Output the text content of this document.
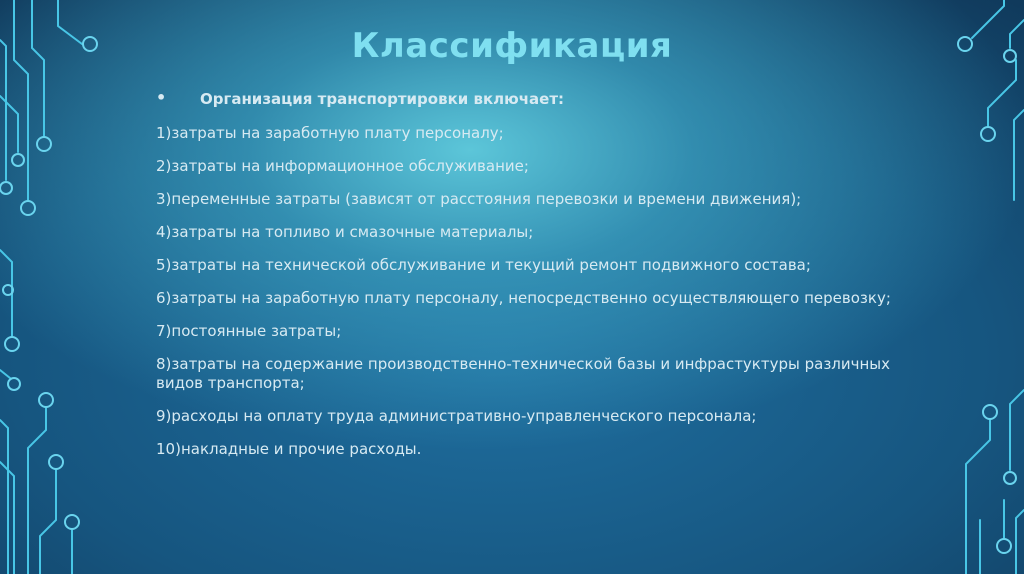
Классификация
• Организация транспортировки включает:
1)затраты на заработную плату персоналу;
2)затраты на информационное обслуживание;
3)переменные затраты (зависят от расстояния перевозки и времени движения);
4)затраты на топливо и смазочные материалы;
5)затраты на технической обслуживание и текущий ремонт подвижного состава;
6)затраты на заработную плату персоналу, непосредственно осуществляющего перевозку;
7)постоянные затраты;
8)затраты на содержание производственно-технической базы и инфрастуктуры различных видов транспорта;
9)расходы на оплату труда административно-управленческого персонала;
10)накладные и прочие расходы.
